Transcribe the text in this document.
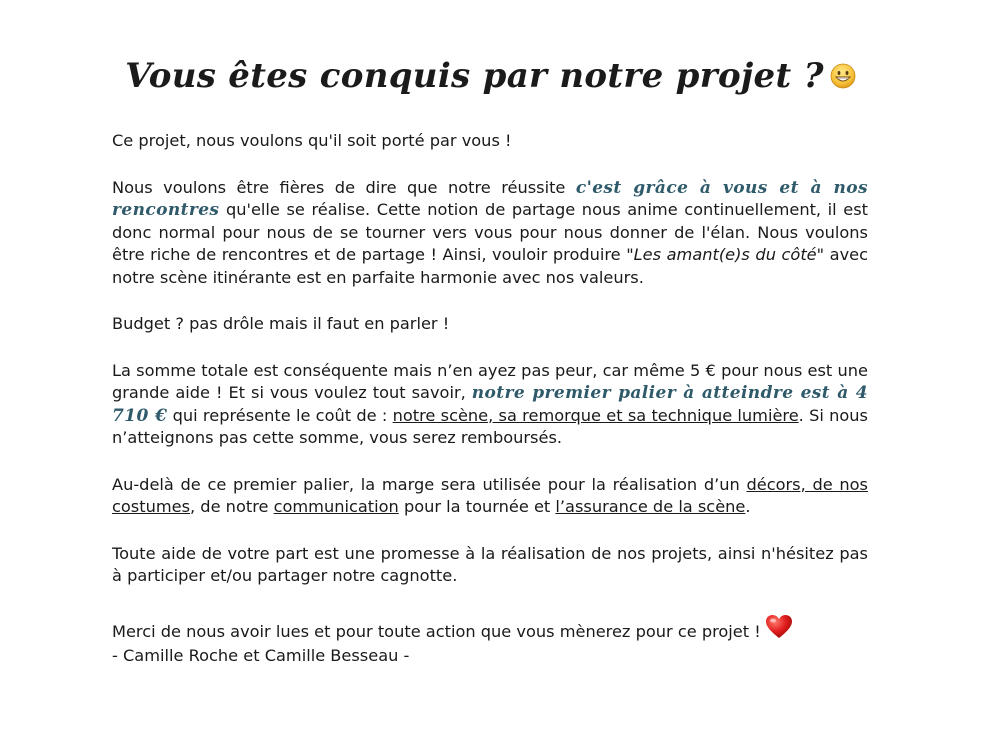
Vous êtes conquis par notre projet ?

Ce projet, nous voulons qu'il soit porté par vous !

Nous voulons être fières de dire que notre réussite c'est grâce à vous et à nos rencontres qu'elle se réalise. Cette notion de partage nous anime continuellement, il est donc normal pour nous de se tourner vers vous pour nous donner de l'élan. Nous voulons être riche de rencontres et de partage ! Ainsi, vouloir produire "Les amant(e)s du côté" avec notre scène itinérante est en parfaite harmonie avec nos valeurs.

Budget ? pas drôle mais il faut en parler !

La somme totale est conséquente mais n’en ayez pas peur, car même 5 € pour nous est une grande aide ! Et si vous voulez tout savoir, notre premier palier à atteindre est à 4 710 € qui représente le coût de : notre scène, sa remorque et sa technique lumière. Si nous n’atteignons pas cette somme, vous serez remboursés.

Au-delà de ce premier palier, la marge sera utilisée pour la réalisation d’un décors, de nos costumes, de notre communication pour la tournée et l’assurance de la scène.

Toute aide de votre part est une promesse à la réalisation de nos projets, ainsi n'hésitez pas à participer et/ou partager notre cagnotte.

Merci de nous avoir lues et pour toute action que vous mènerez pour ce projet !

- Camille Roche et Camille Besseau -
